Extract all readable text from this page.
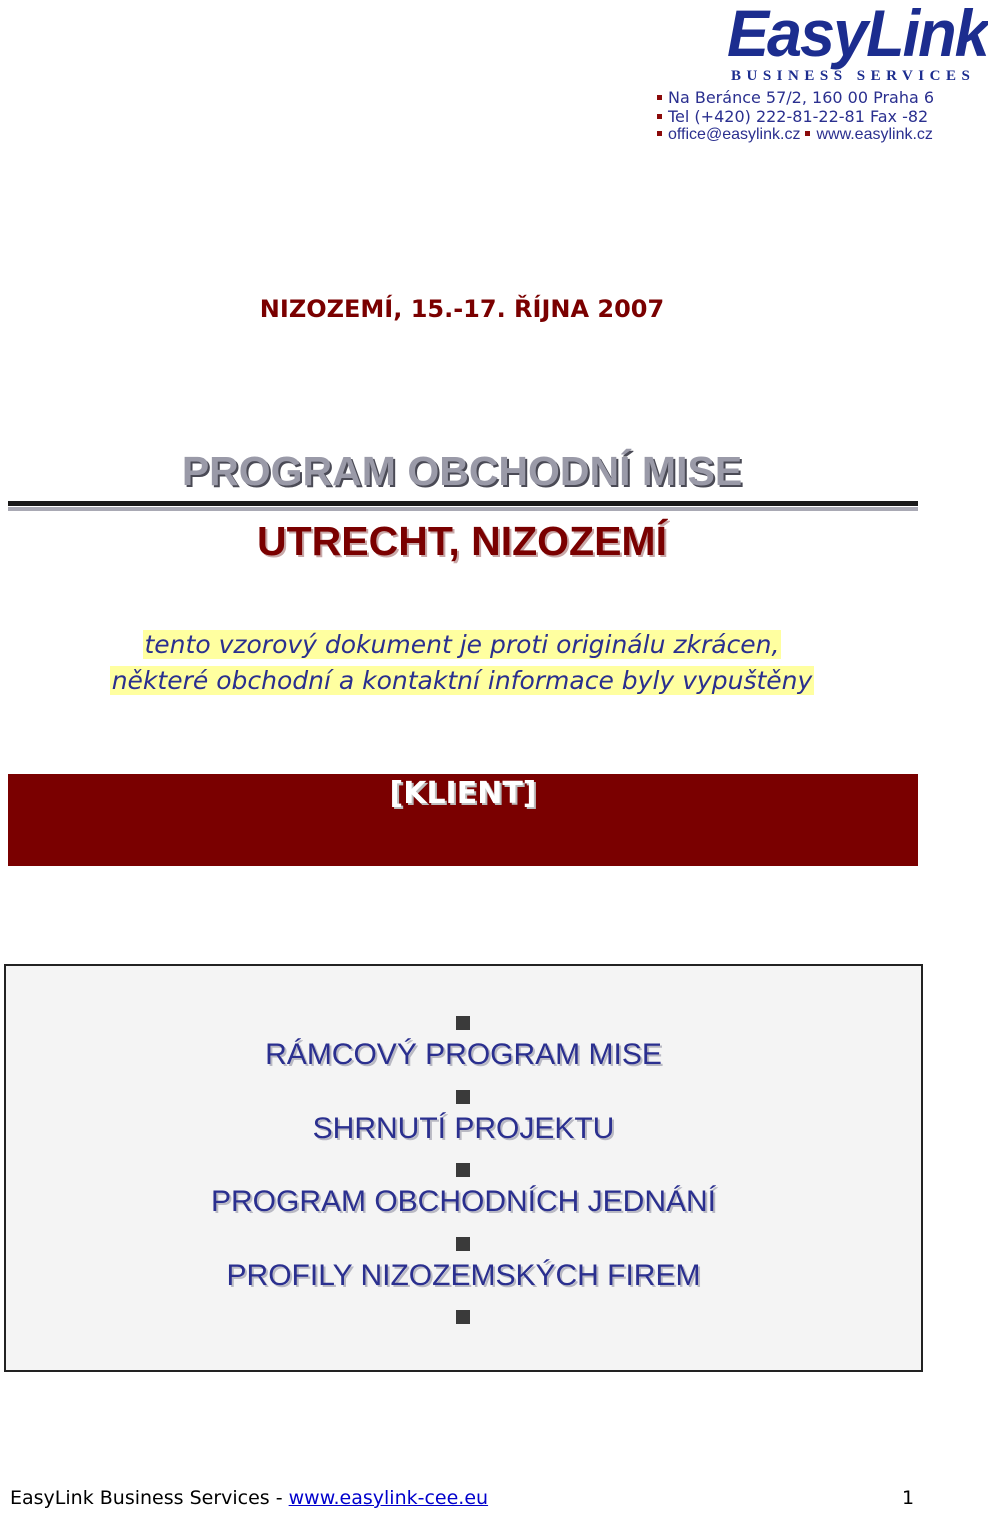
EasyLink
BUSINESS SERVICES
Na Beránce 57/2, 160 00 Praha 6
Tel (+420) 222-81-22-81 Fax -82
office@easylink.cz www.easylink.cz
NIZOZEMÍ, 15.-17. ŘÍJNA 2007
PROGRAM OBCHODNÍ MISE
UTRECHT, NIZOZEMÍ
tento vzorový dokument je proti originálu zkrácen,
některé obchodní a kontaktní informace byly vypuštěny
[KLIENT]
RÁMCOVÝ PROGRAM MISE
SHRNUTÍ PROJEKTU
PROGRAM OBCHODNÍCH JEDNÁNÍ
PROFILY NIZOZEMSKÝCH FIREM
EasyLink Business Services - www.easylink-cee.eu	1
